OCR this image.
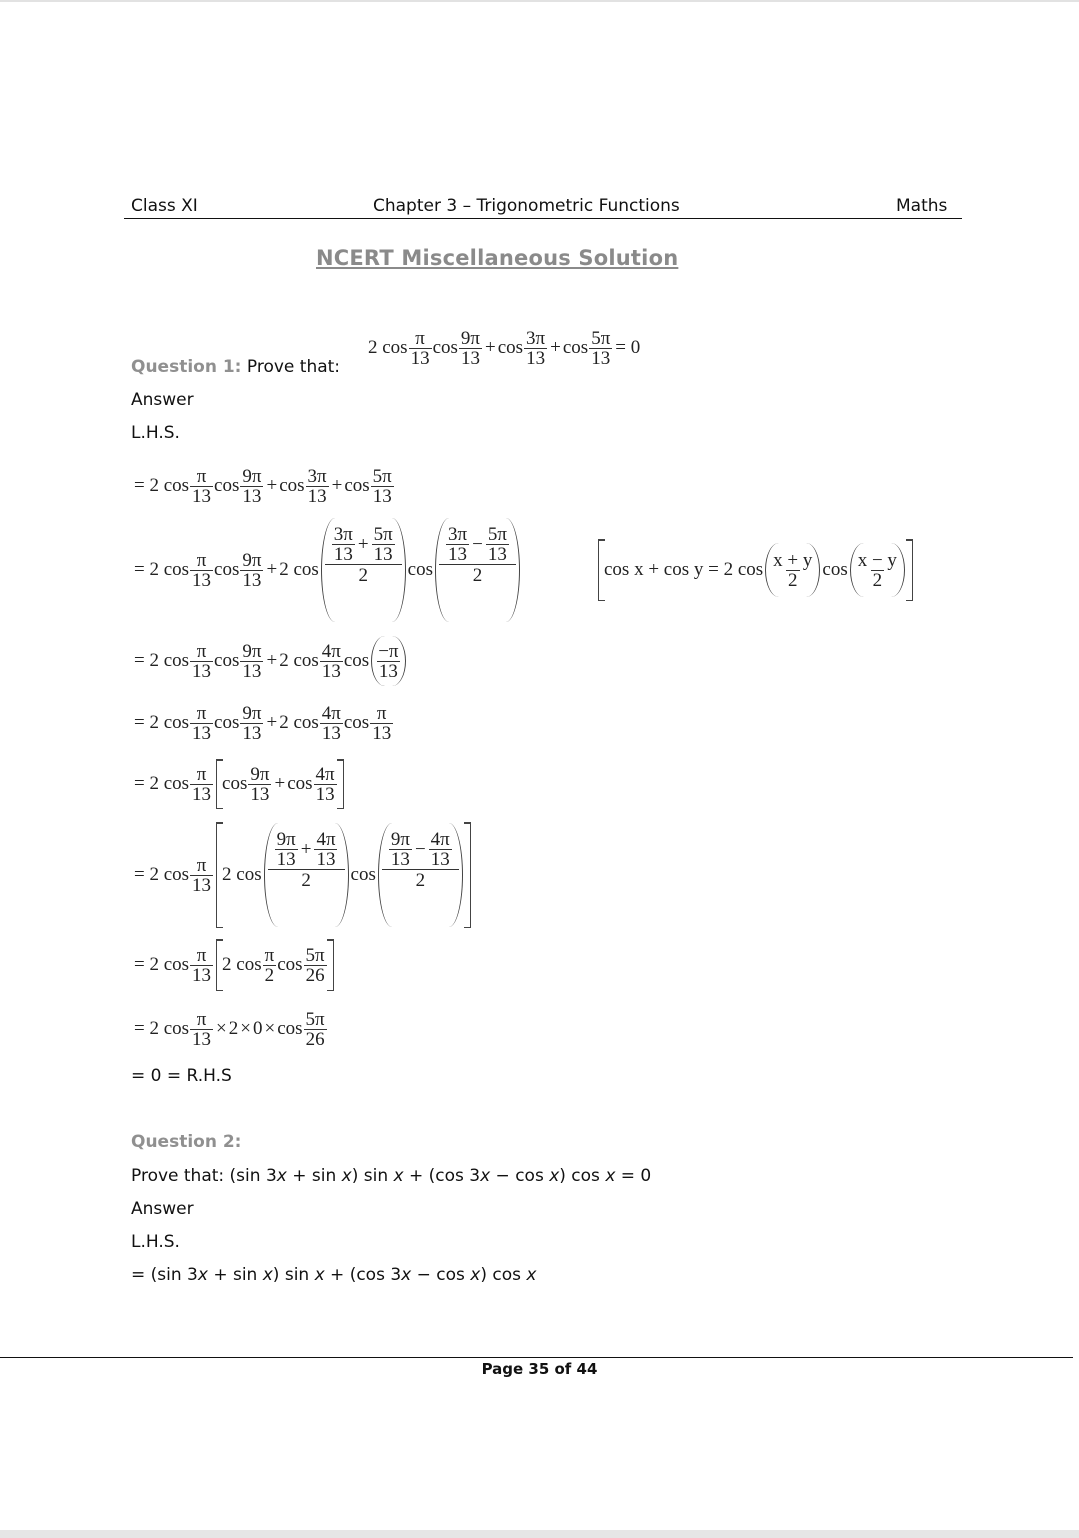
Class XI	Chapter 3 – Trigonometric Functions	Maths
NCERT Miscellaneous Solution
Question 1: Prove that:
2
$\cos \frac{\pi}{13}$ $\cos \frac{9\pi}{13} + \cos \frac{3\pi}{13} + \cos \frac{5\pi}{13} = 0$
Answer
L.H.S.
=
2
$\cos \frac{\pi}{13}$ $\cos \frac{9\pi}{13} + \cos \frac{3\pi}{13} + \cos \frac{5\pi}{13}$
=
2
$\cos \frac{\pi}{13}$ $\cos \frac{9\pi}{13} + 2$
cos
$\frac{3\pi}{13} + \frac{5\pi}{13}$
2	cos
$\frac{3\pi}{13} - \frac{5\pi}{13}$
2	cos x + cos y = 2
$\cos \frac{x + y}{2}$ $\cos \frac{x - y}{2}$
=
2
$\cos \frac{\pi}{13}$ $\cos \frac{9\pi}{13} + 2$
$\cos \frac{4\pi}{13}$ $\cos \frac{-\pi}{13}$
=
2
$\cos \frac{\pi}{13}$ $\cos \frac{9\pi}{13} + 2$
$\cos \frac{4\pi}{13}$ $\cos \frac{\pi}{13}$
=
2
$\cos \frac{\pi}{13}$ $\cos \frac{9\pi}{13} + \cos \frac{4\pi}{13}$
=
2
$\cos \frac{\pi}{13} 2$
cos
$\frac{9\pi}{13} + \frac{4\pi}{13}$
2	cos
$\frac{9\pi}{13} - \frac{4\pi}{13}$
2
=
2
$\cos \frac{\pi}{13} 2$
$\cos \frac{\pi}{2}$ $\cos \frac{5\pi}{26}$
=
2
$\cos \frac{\pi}{13} \times 2 \times 0 \times \cos \frac{5\pi}{26}$
= 0 = R.H.S
Question 2:
Prove that: (sin 3x + sin x) sin x + (cos 3x − cos x) cos x = 0
Answer
L.H.S.
= (sin 3x + sin x) sin x + (cos 3x − cos x) cos x
Page 35 of 44
